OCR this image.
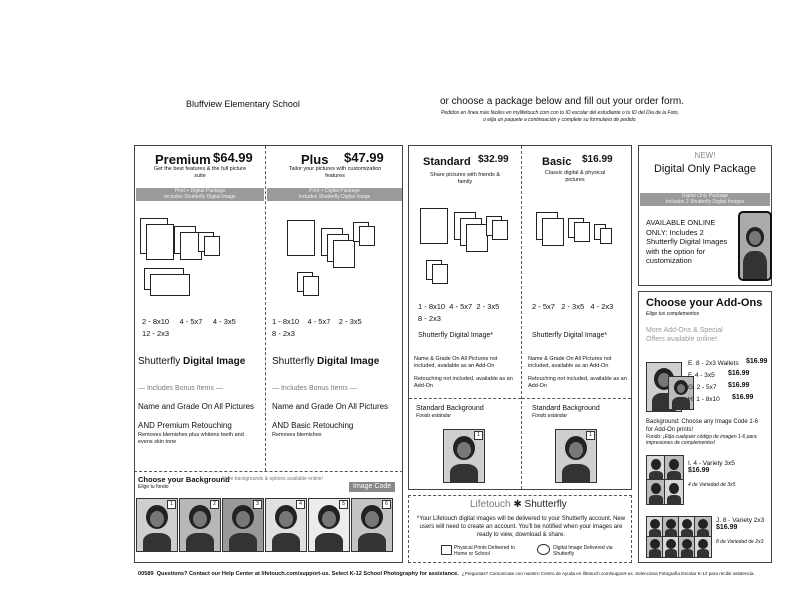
Bluffview Elementary School	or choose a package below and fill out your order form.
Pedidos en línea más fáciles en mylifetouch.com con tu ID escolar del estudiante o tu ID del Día de la Foto, o elija un paquete a continuación y complete su formulario de pedido.
Premium $64.99
Get the best features & the full picture suite
Print + Digital Package
Includes Shutterfly Digital Image
2 - 8x10 4 - 5x7 4 - 3x5
12 - 2x3
Shutterfly Digital Image
— Includes Bonus Items —
Name and Grade On All Pictures
AND Premium Retouching
Removes blemishes plus whitens teeth and evens skin tone
Plus $47.99
Tailor your pictures with customization features
Print + Digital Package
Includes Shutterfly Digital Image
1 - 8x10 4 - 5x7 2 - 3x5
8 - 2x3
Shutterfly Digital Image
— Includes Bonus Items —
Name and Grade On All Pictures
AND Basic Retouching
Removes blemishes
Choose your Background
Elige tu fondo
More backgrounds & options available online!
Image Code
1	2	3	4	5	6
Standard $32.99
Share pictures with friends & family
1 - 8x10 4 - 5x7 2 - 3x5
8 - 2x3
Shutterfly Digital Image*
Name & Grade On All Pictures not included, available as an Add-On
Retouching not included, available as an Add-On
Standard Background
Fondo estándar
1
Basic $16.99
Classic digital & physical pictures
2 - 5x7 2 - 3x5 4 - 2x3
Shutterfly Digital Image*
Name & Grade On All Pictures not included, available as an Add-On
Retouching not included, available as an Add-On
Standard Background
Fondo estándar
1
Lifetouch ✱ Shutterfly
*Your Lifetouch digital images will be delivered to your Shutterfly account. New users will need to create an account. You'll be notified when your images are ready to view, download & share.
Physical Prints Delivered to Home or School
Digital Image Delivered via Shutterfly
NEW!
Digital Only Package
Digital Only Package
Includes 2 Shutterfly Digital Images
AVAILABLE ONLINE ONLY: Includes 2 Shutterfly Digital Images with the option for customization
Choose your Add-Ons
Elige tus complementos
More Add-Ons & Special Offers available online!
E. 8 - 2x3 Wallets $16.99
F. 4 - 3x5 $16.99
G. 2 - 5x7 $16.99
H. 1 - 8x10 $16.99
Background: Choose any Image Code 1-6 for Add-On prints!
Fondo: ¡Elija cualquier código de imagen 1-6 para impresiones de complementos!
I. 4 - Variety 3x5
$16.99
4 de Variedad de 3x5
J. 8 - Variety 2x3
$16.99
8 de Variedad de 2x3
00589 Questions? Contact our Help Center at lifetouch.com/support-us. Select K-12 School Photography for assistance. ¿Preguntas? Comunícate con nuestro Centro de Ayuda en lifetouch.com/support-us. Selecciona Fotografía Escolar K-12 para recibir asistencia.
